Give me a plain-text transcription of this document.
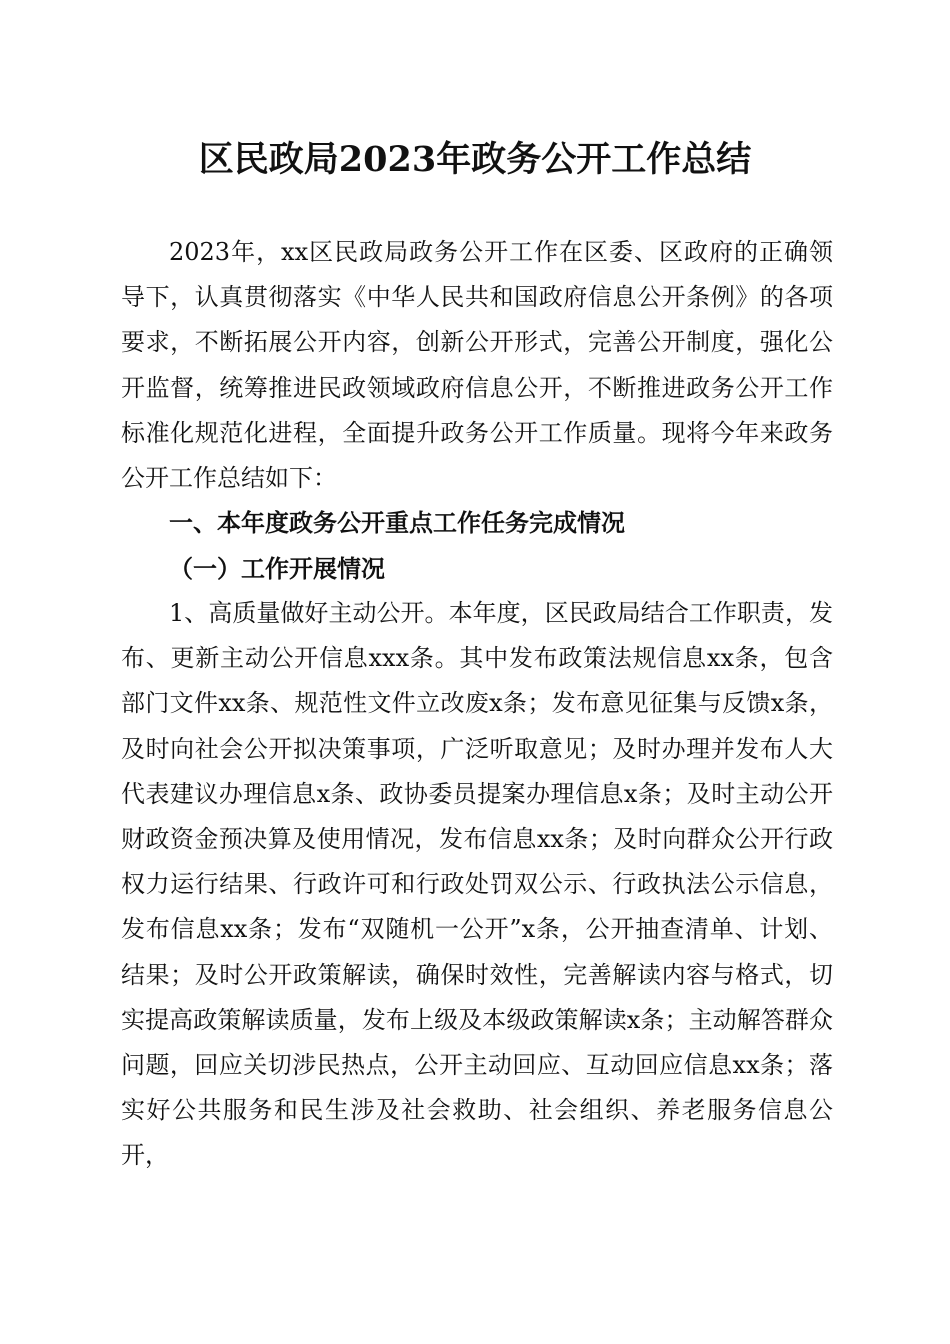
区民政局2023年政务公开工作总结

2023年，xx区民政局政务公开工作在区委、区政府的正确领导下，认真贯彻落实《中华人民共和国政府信息公开条例》的各项要求，不断拓展公开内容，创新公开形式，完善公开制度，强化公开监督，统筹推进民政领域政府信息公开，不断推进政务公开工作标准化规范化进程，全面提升政务公开工作质量。现将今年来政务公开工作总结如下：

一、本年度政务公开重点工作任务完成情况
（一）工作开展情况

1、高质量做好主动公开。本年度，区民政局结合工作职责，发布、更新主动公开信息xxx条。其中发布政策法规信息xx条，包含部门文件xx条、规范性文件立改废x条；发布意见征集与反馈x条，及时向社会公开拟决策事项，广泛听取意见；及时办理并发布人大代表建议办理信息x条、政协委员提案办理信息x条；及时主动公开财政资金预决算及使用情况，发布信息xx条；及时向群众公开行政权力运行结果、行政许可和行政处罚双公示、行政执法公示信息，发布信息xx条；发布“双随机一公开”x条，公开抽查清单、计划、结果；及时公开政策解读，确保时效性，完善解读内容与格式，切实提高政策解读质量，发布上级及本级政策解读x条；主动解答群众问题，回应关切涉民热点，公开主动回应、互动回应信息xx条；落实好公共服务和民生涉及社会救助、社会组织、养老服务信息公开，
